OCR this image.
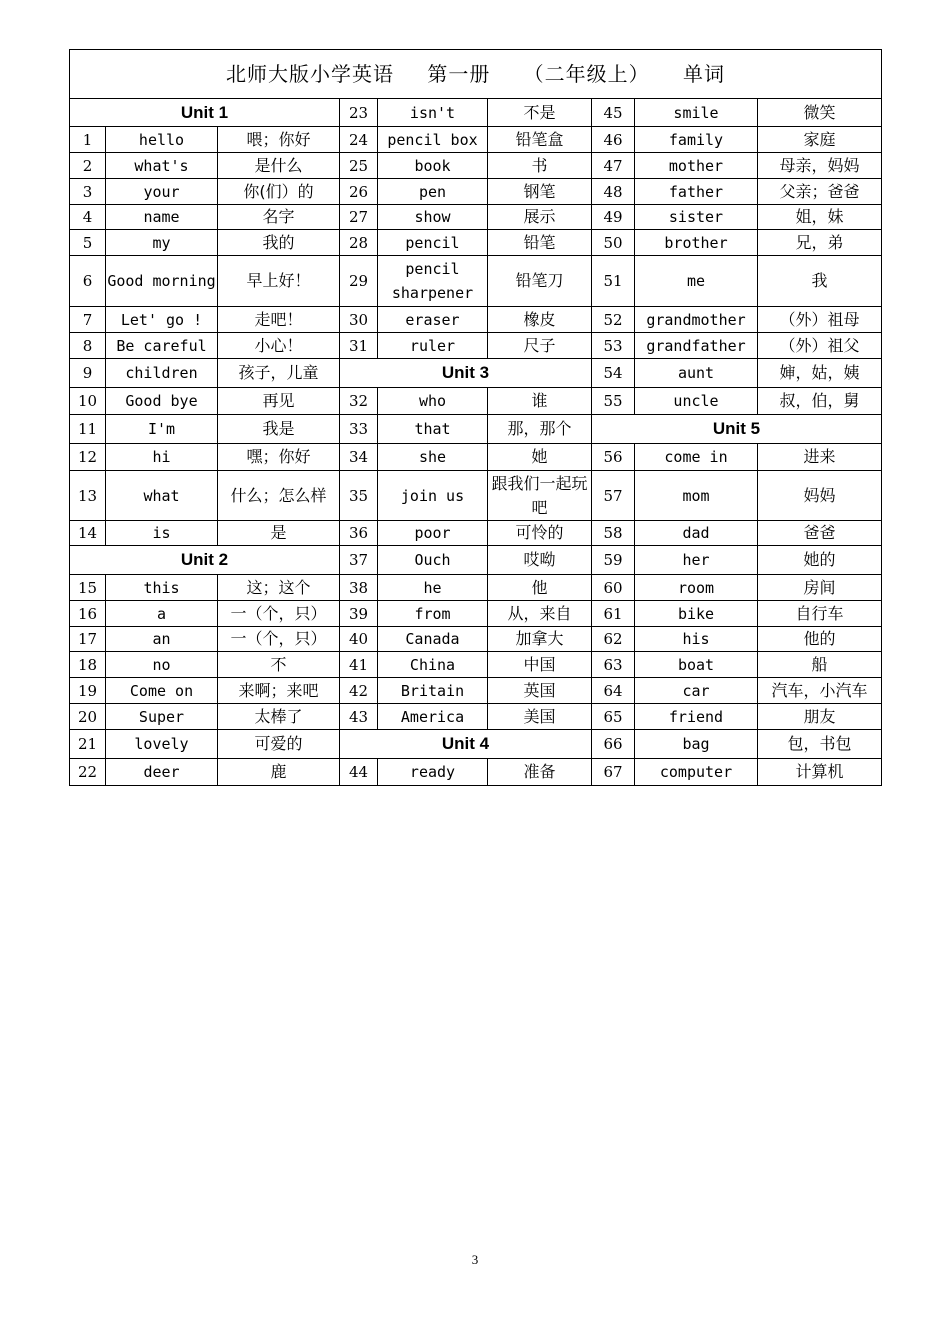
北师大版小学英语 第一册 （二年级上） 单词								
Unit 1			23	isn't	不是	45	smile	微笑
1	hello	喂；你好	24	pencil box	铅笔盒	46	family	家庭
2	what's	是什么	25	book	书	47	mother	母亲，妈妈
3	your	你(们）的	26	pen	钢笔	48	father	父亲；爸爸
4	name	名字	27	show	展示	49	sister	姐，妹
5	my	我的	28	pencil	铅笔	50	brother	兄，弟
6	Good morning	早上好！	29	pencil sharpener	铅笔刀	51	me	我
7	Let' go !	走吧！	30	eraser	橡皮	52	grandmother	（外）祖母
8	Be careful	小心！	31	ruler	尺子	53	grandfather	（外）祖父
9	children	孩子，儿童	Unit 3			54	aunt	婶，姑，姨
10	Good bye	再见	32	who	谁	55	uncle	叔，伯，舅
11	I'm	我是	33	that	那，那个	Unit 5		
12	hi	嘿；你好	34	she	她	56	come in	进来
13	what	什么；怎么样	35	join us	跟我们一起玩吧	57	mom	妈妈
14	is	是	36	poor	可怜的	58	dad	爸爸
Unit 2			37	Ouch	哎呦	59	her	她的
15	this	这；这个	38	he	他	60	room	房间
16	a	一（个，只）	39	from	从，来自	61	bike	自行车
17	an	一（个，只）	40	Canada	加拿大	62	his	他的
18	no	不	41	China	中国	63	boat	船
19	Come on	来啊；来吧	42	Britain	英国	64	car	汽车，小汽车
20	Super	太棒了	43	America	美国	65	friend	朋友
21	lovely	可爱的	Unit 4			66	bag	包，书包
22	deer	鹿	44	ready	准备	67	computer	计算机
3
